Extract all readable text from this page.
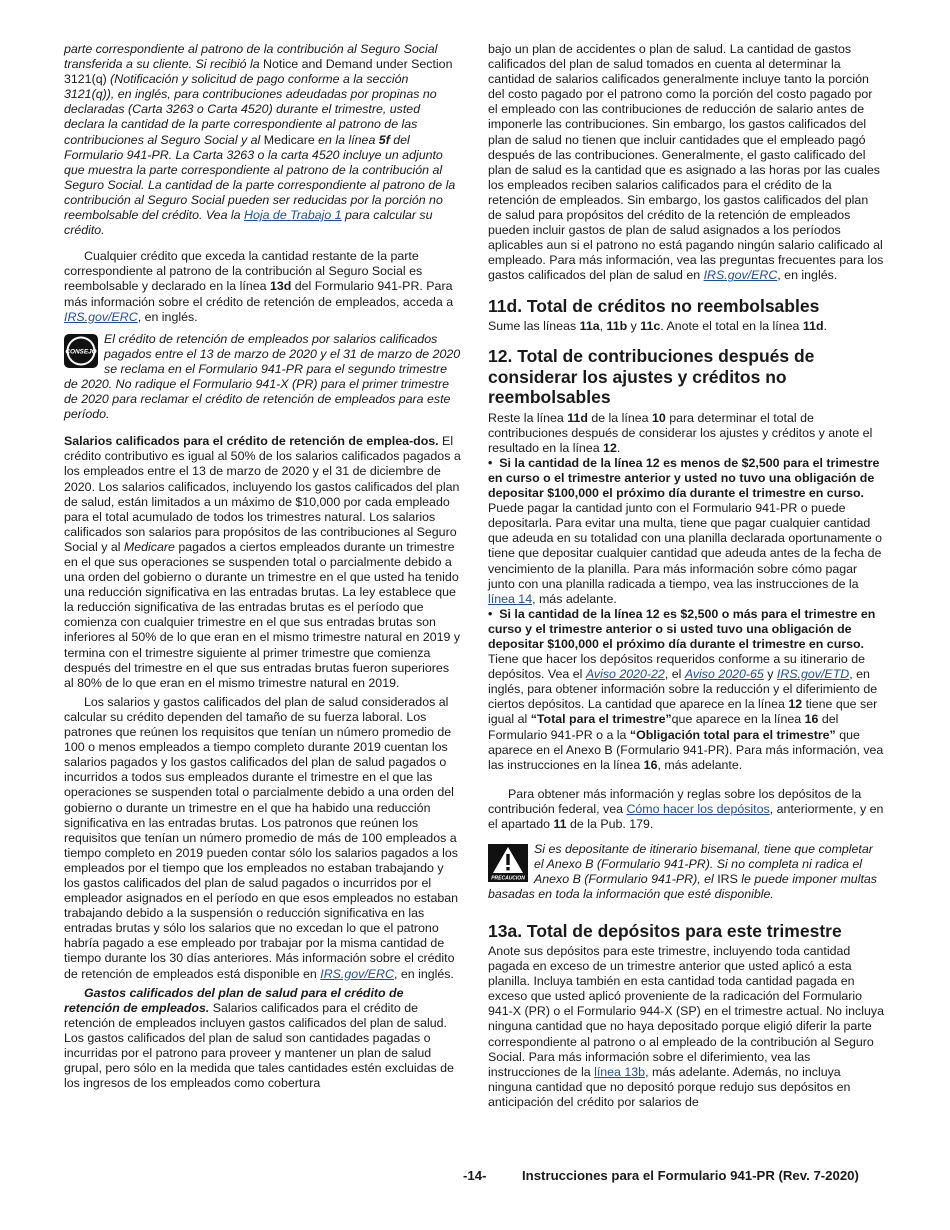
parte correspondiente al patrono de la contribución al Seguro Social transferida a su cliente. Si recibió la Notice and Demand under Section 3121(q) (Notificación y solicitud de pago conforme a la sección 3121(q)), en inglés, para contribuciones adeudadas por propinas no declaradas (Carta 3263 o Carta 4520) durante el trimestre, usted declara la cantidad de la parte correspondiente al patrono de las contribuciones al Seguro Social y al Medicare en la línea 5f del Formulario 941-PR. La Carta 3263 o la carta 4520 incluye un adjunto que muestra la parte correspondiente al patrono de la contribución al Seguro Social. La cantidad de la parte correspondiente al patrono de la contribución al Seguro Social pueden ser reducidas por la porción no reembolsable del crédito. Vea la Hoja de Trabajo 1 para calcular su crédito.

Cualquier crédito que exceda la cantidad restante de la parte correspondiente al patrono de la contribución al Seguro Social es reembolsable y declarado en la línea 13d del Formulario 941-PR. Para más información sobre el crédito de retención de empleados, acceda a IRS.gov/ERC, en inglés.

CONSEJO

El crédito de retención de empleados por salarios calificados pagados entre el 13 de marzo de 2020 y el 31 de marzo de 2020 se reclama en el Formulario 941-PR para el segundo trimestre de 2020. No radique el Formulario 941-X (PR) para el primer trimestre de 2020 para reclamar el crédito de retención de empleados para este período.

Salarios calificados para el crédito de retención de emplea-dos. El crédito contributivo es igual al 50% de los salarios calificados pagados a los empleados entre el 13 de marzo de 2020 y el 31 de diciembre de 2020. Los salarios calificados, incluyendo los gastos calificados del plan de salud, están limitados a un máximo de $10,000 por cada empleado para el total acumulado de todos los trimestres natural. Los salarios calificados son salarios para propósitos de las contribuciones al Seguro Social y al Medicare pagados a ciertos empleados durante un trimestre en el que sus operaciones se suspenden total o parcialmente debido a una orden del gobierno o durante un trimestre en el que usted ha tenido una reducción significativa en las entradas brutas. La ley establece que la reducción significativa de las entradas brutas es el período que comienza con cualquier trimestre en el que sus entradas brutas son inferiores al 50% de lo que eran en el mismo trimestre natural en 2019 y termina con el trimestre siguiente al primer trimestre que comienza después del trimestre en el que sus entradas brutas fueron superiores al 80% de lo que eran en el mismo trimestre natural en 2019.

Los salarios y gastos calificados del plan de salud considerados al calcular su crédito dependen del tamaño de su fuerza laboral. Los patrones que reúnen los requisitos que tenían un número promedio de 100 o menos empleados a tiempo completo durante 2019 cuentan los salarios pagados y los gastos calificados del plan de salud pagados o incurridos a todos sus empleados durante el trimestre en el que las operaciones se suspenden total o parcialmente debido a una orden del gobierno o durante un trimestre en el que ha habido una reducción significativa en las entradas brutas. Los patronos que reúnen los requisitos que tenían un número promedio de más de 100 empleados a tiempo completo en 2019 pueden contar sólo los salarios pagados a los empleados por el tiempo que los empleados no estaban trabajando y los gastos calificados del plan de salud pagados o incurridos por el empleador asignados en el período en que esos empleados no estaban trabajando debido a la suspensión o reducción significativa en las entradas brutas y sólo los salarios que no excedan lo que el patrono habría pagado a ese empleado por trabajar por la misma cantidad de tiempo durante los 30 días anteriores. Más información sobre el crédito de retención de empleados está disponible en IRS.gov/ERC, en inglés.

Gastos calificados del plan de salud para el crédito de retención de empleados. Salarios calificados para el crédito de retención de empleados incluyen gastos calificados del plan de salud. Los gastos calificados del plan de salud son cantidades pagadas o incurridas por el patrono para proveer y mantener un plan de salud grupal, pero sólo en la medida que tales cantidades estén excluidas de los ingresos de los empleados como cobertura

bajo un plan de accidentes o plan de salud. La cantidad de gastos calificados del plan de salud tomados en cuenta al determinar la cantidad de salarios calificados generalmente incluye tanto la porción del costo pagado por el patrono como la porción del costo pagado por el empleado con las contribuciones de reducción de salario antes de imponerle las contribuciones. Sin embargo, los gastos calificados del plan de salud no tienen que incluir cantidades que el empleado pagó después de las contribuciones. Generalmente, el gasto calificado del plan de salud es la cantidad que es asignado a las horas por las cuales los empleados reciben salarios calificados para el crédito de la retención de empleados. Sin embargo, los gastos calificados del plan de salud para propósitos del crédito de la retención de empleados pueden incluir gastos de plan de salud asignados a los períodos aplicables aun si el patrono no está pagando ningún salario calificado al empleado. Para más información, vea las preguntas frecuentes para los gastos calificados del plan de salud en IRS.gov/ERC, en inglés.

11d. Total de créditos no reembolsables

Sume las líneas 11a, 11b y 11c. Anote el total en la línea 11d.

12. Total de contribuciones después de considerar los ajustes y créditos no reembolsables

Reste la línea 11d de la línea 10 para determinar el total de contribuciones después de considerar los ajustes y créditos y anote el resultado en la línea 12.

• Si la cantidad de la línea 12 es menos de $2,500 para el trimestre en curso o el trimestre anterior y usted no tuvo una obligación de depositar $100,000 el próximo día durante el trimestre en curso. Puede pagar la cantidad junto con el Formulario 941-PR o puede depositarla. Para evitar una multa, tiene que pagar cualquier cantidad que adeuda en su totalidad con una planilla declarada oportunamente o tiene que depositar cualquier cantidad que adeuda antes de la fecha de vencimiento de la planilla. Para más información sobre cómo pagar junto con una planilla radicada a tiempo, vea las instrucciones de la línea 14, más adelante.

• Si la cantidad de la línea 12 es $2,500 o más para el trimestre en curso y el trimestre anterior o si usted tuvo una obligación de depositar $100,000 el próximo día durante el trimestre en curso. Tiene que hacer los depósitos requeridos conforme a su itinerario de depósitos. Vea el Aviso 2020-22, el Aviso 2020-65 y IRS.gov/ETD, en inglés, para obtener información sobre la reducción y el diferimiento de ciertos depósitos. La cantidad que aparece en la línea 12 tiene que ser igual al “Total para el trimestre”que aparece en la línea 16 del Formulario 941-PR o a la “Obligación total para el trimestre” que aparece en el Anexo B (Formulario 941-PR). Para más información, vea las instrucciones en la línea 16, más adelante.

Para obtener más información y reglas sobre los depósitos de la contribución federal, vea Cómo hacer los depósitos, anteriormente, y en el apartado 11 de la Pub. 179.

PRECAUCION

Si es depositante de itinerario bisemanal, tiene que completar el Anexo B (Formulario 941-PR). Si no completa ni radica el Anexo B (Formulario 941-PR), el IRS le puede imponer multas basadas en toda la información que esté disponible.

13a. Total de depósitos para este trimestre

Anote sus depósitos para este trimestre, incluyendo toda cantidad pagada en exceso de un trimestre anterior que usted aplicó a esta planilla. Incluya también en esta cantidad toda cantidad pagada en exceso que usted aplicó proveniente de la radicación del Formulario 941-X (PR) o el Formulario 944-X (SP) en el trimestre actual. No incluya ninguna cantidad que no haya depositado porque eligió diferir la parte correspondiente al patrono o al empleado de la contribución al Seguro Social. Para más información sobre el diferimiento, vea las instrucciones de la línea 13b, más adelante. Además, no incluya ninguna cantidad que no depositó porque redujo sus depósitos en anticipación del crédito por salarios de

-14-	Instrucciones para el Formulario 941-PR (Rev. 7-2020)
